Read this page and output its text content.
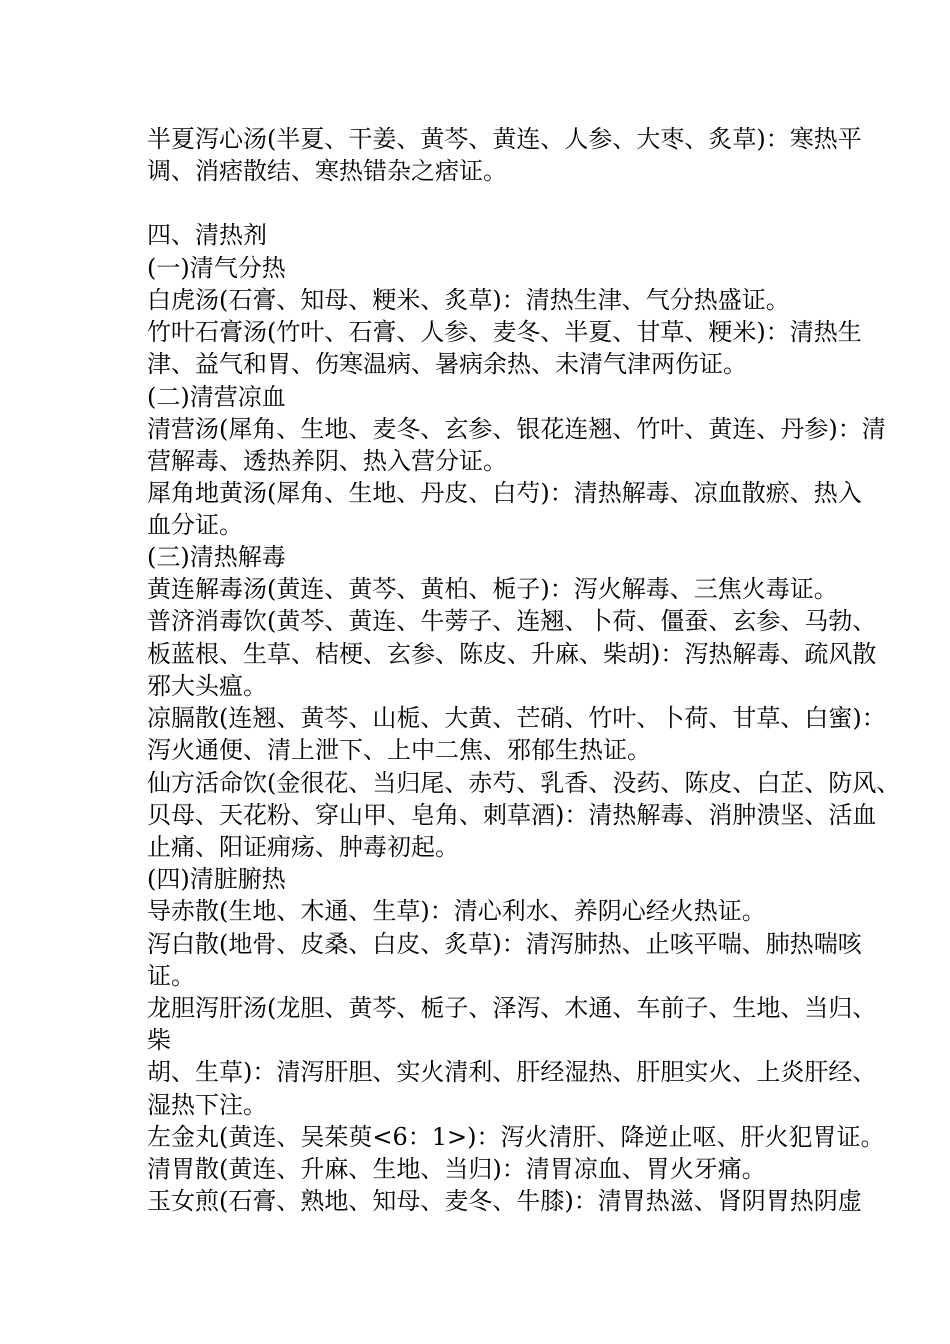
半夏泻心汤(半夏、干姜、黄芩、黄连、人参、大枣、炙草)：寒热平
调、消痞散结、寒热错杂之痞证。
四、清热剂
(一)清气分热
白虎汤(石膏、知母、粳米、炙草)：清热生津、气分热盛证。
竹叶石膏汤(竹叶、石膏、人参、麦冬、半夏、甘草、粳米)：清热生
津、益气和胃、伤寒温病、暑病余热、未清气津两伤证。
(二)清营凉血
清营汤(犀角、生地、麦冬、玄参、银花连翘、竹叶、黄连、丹参)：清
营解毒、透热养阴、热入营分证。
犀角地黄汤(犀角、生地、丹皮、白芍)：清热解毒、凉血散瘀、热入
血分证。
(三)清热解毒
黄连解毒汤(黄连、黄芩、黄柏、栀子)：泻火解毒、三焦火毒证。
普济消毒饮(黄芩、黄连、牛蒡子、连翘、卜荷、僵蚕、玄参、马勃、
板蓝根、生草、桔梗、玄参、陈皮、升麻、柴胡)：泻热解毒、疏风散
邪大头瘟。
凉膈散(连翘、黄芩、山栀、大黄、芒硝、竹叶、卜荷、甘草、白蜜)：
泻火通便、清上泄下、上中二焦、邪郁生热证。
仙方活命饮(金很花、当归尾、赤芍、乳香、没药、陈皮、白芷、防风、
贝母、天花粉、穿山甲、皂角、刺草酒)：清热解毒、消肿溃坚、活血
止痛、阳证痈疡、肿毒初起。
(四)清脏腑热
导赤散(生地、木通、生草)：清心利水、养阴心经火热证。
泻白散(地骨、皮桑、白皮、炙草)：清泻肺热、止咳平喘、肺热喘咳
证。
龙胆泻肝汤(龙胆、黄芩、栀子、泽泻、木通、车前子、生地、当归、
柴
胡、生草)：清泻肝胆、实火清利、肝经湿热、肝胆实火、上炎肝经、
湿热下注。
左金丸(黄连、吴茱萸<6：1>)：泻火清肝、降逆止呕、肝火犯胃证。
清胃散(黄连、升麻、生地、当归)：清胃凉血、胃火牙痛。
玉女煎(石膏、熟地、知母、麦冬、牛膝)：清胃热滋、肾阴胃热阴虚
